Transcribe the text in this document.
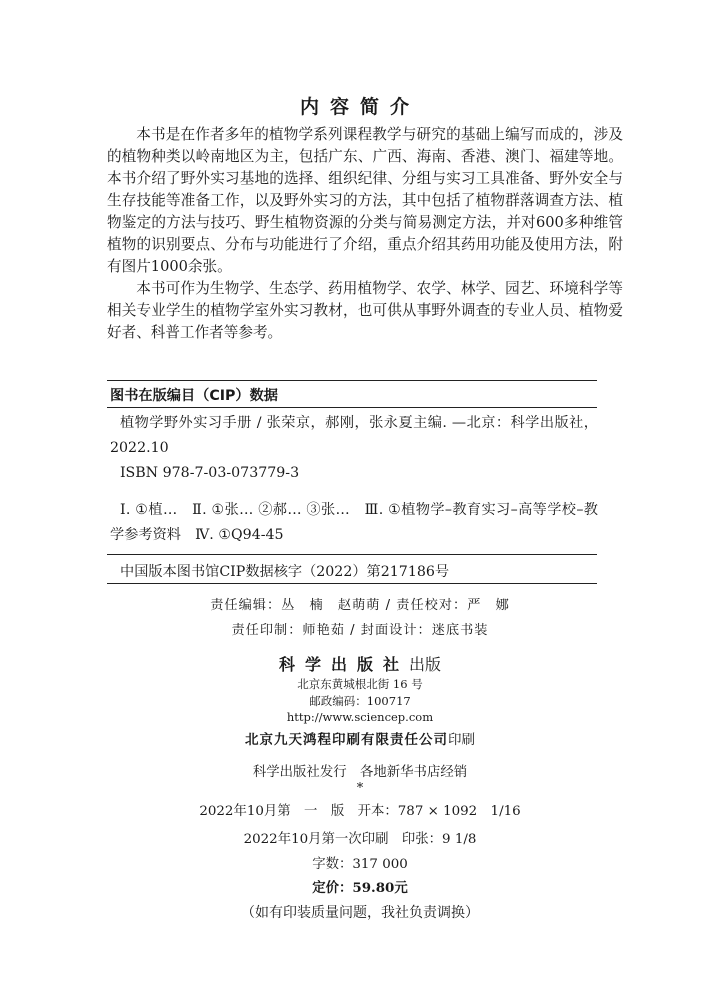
内容简介

本书是在作者多年的植物学系列课程教学与研究的基础上编写而成的，涉及的植物种类以岭南地区为主，包括广东、广西、海南、香港、澳门、福建等地。本书介绍了野外实习基地的选择、组织纪律、分组与实习工具准备、野外安全与生存技能等准备工作，以及野外实习的方法，其中包括了植物群落调查方法、植物鉴定的方法与技巧、野生植物资源的分类与简易测定方法，并对600多种维管植物的识别要点、分布与功能进行了介绍，重点介绍其药用功能及使用方法，附有图片1000余张。

本书可作为生物学、生态学、药用植物学、农学、林学、园艺、环境科学等相关专业学生的植物学室外实习教材，也可供从事野外调查的专业人员、植物爱好者、科普工作者等参考。

图书在版编目（CIP）数据

植物学野外实习手册 / 张荣京，郝刚，张永夏主编. —北京：科学出版社，2022.10

ISBN 978-7-03-073779-3

Ⅰ. ①植…　Ⅱ. ①张… ②郝… ③张…　Ⅲ. ①植物学–教育实习–高等学校–教学参考资料　Ⅳ. ①Q94-45

中国版本图书馆CIP数据核字（2022）第217186号
责任编辑：丛　楠　赵萌萌 / 责任校对：严　娜
责任印制：师艳茹 / 封面设计：迷底书装
科学出版社出版
北京东黄城根北街 16 号
邮政编码：100717
http://www.sciencep.com
北京九天鸿程印刷有限责任公司印刷
科学出版社发行　各地新华书店经销
*
2022年10月第　一　版　开本：787 × 1092　1/16
2022年10月第一次印刷　印张：9 1/8
字数：317 000
定价：59.80元
（如有印装质量问题，我社负责调换）
